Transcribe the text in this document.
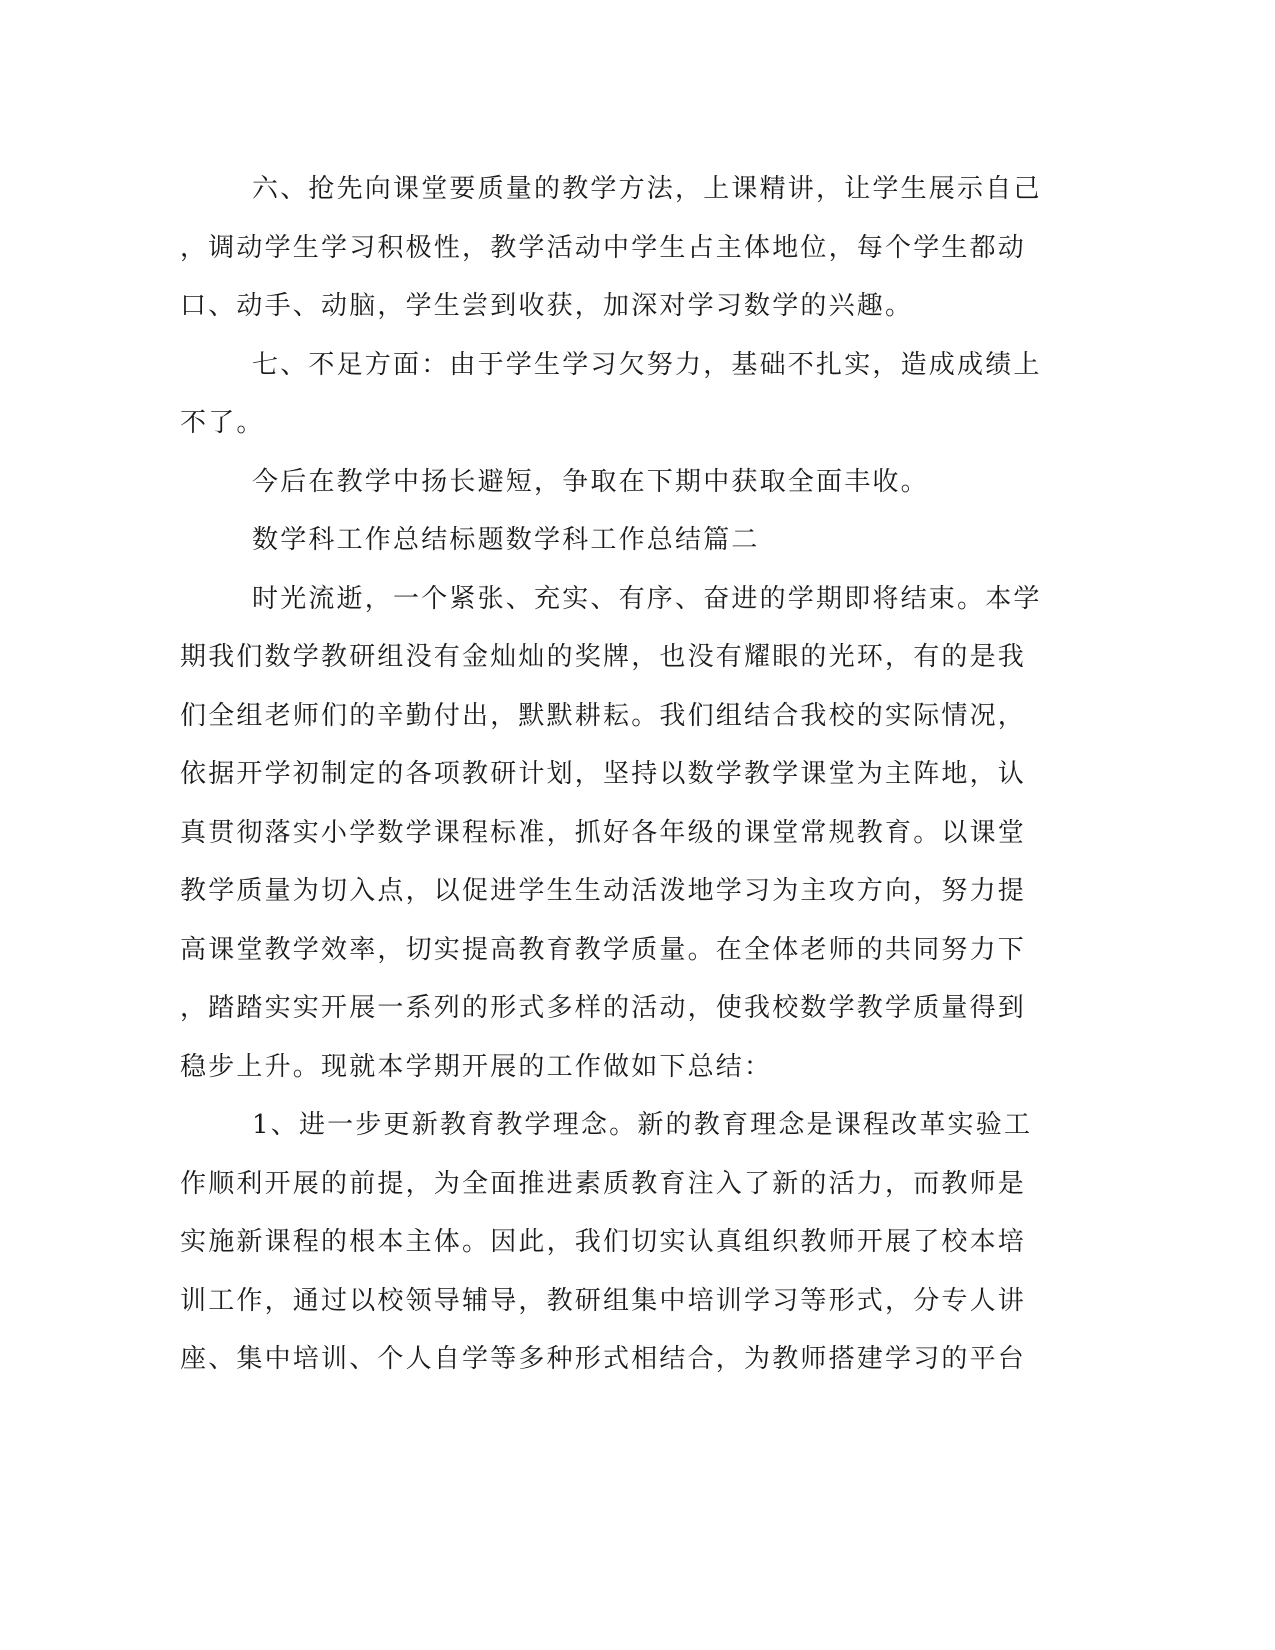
六、抢先向课堂要质量的教学方法，上课精讲，让学生展示自己
，调动学生学习积极性，教学活动中学生占主体地位，每个学生都动
口、动手、动脑，学生尝到收获，加深对学习数学的兴趣。
七、不足方面：由于学生学习欠努力，基础不扎实，造成成绩上
不了。
今后在教学中扬长避短，争取在下期中获取全面丰收。
数学科工作总结标题数学科工作总结篇二
时光流逝，一个紧张、充实、有序、奋进的学期即将结束。本学
期我们数学教研组没有金灿灿的奖牌，也没有耀眼的光环，有的是我
们全组老师们的辛勤付出，默默耕耘。我们组结合我校的实际情况，
依据开学初制定的各项教研计划，坚持以数学教学课堂为主阵地，认
真贯彻落实小学数学课程标准，抓好各年级的课堂常规教育。以课堂
教学质量为切入点，以促进学生生动活泼地学习为主攻方向，努力提
高课堂教学效率，切实提高教育教学质量。在全体老师的共同努力下
，踏踏实实开展一系列的形式多样的活动，使我校数学教学质量得到
稳步上升。现就本学期开展的工作做如下总结：
1、进一步更新教育教学理念。新的教育理念是课程改革实验工
作顺利开展的前提，为全面推进素质教育注入了新的活力，而教师是
实施新课程的根本主体。因此，我们切实认真组织教师开展了校本培
训工作，通过以校领导辅导，教研组集中培训学习等形式，分专人讲
座、集中培训、个人自学等多种形式相结合，为教师搭建学习的平台
